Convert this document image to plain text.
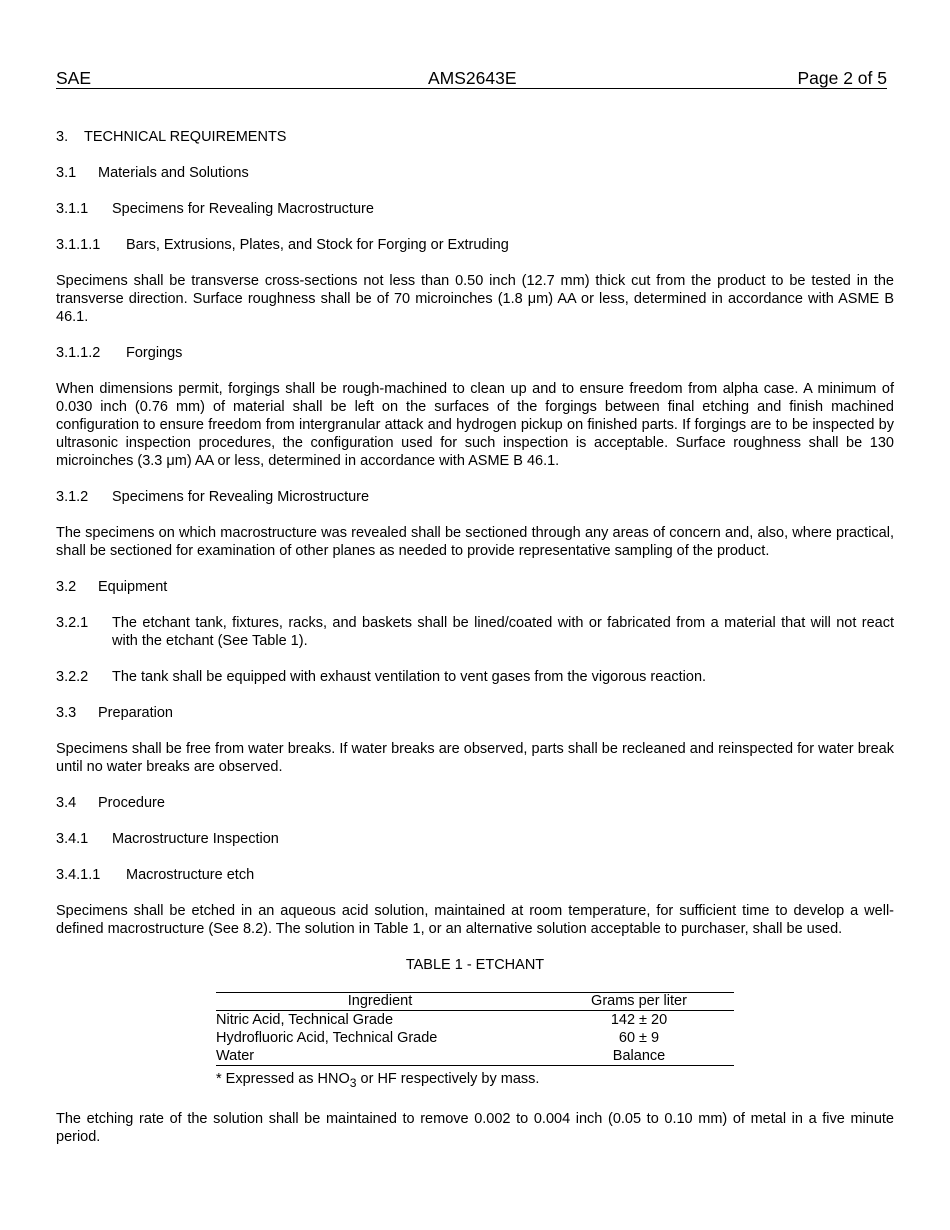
SAE	AMS2643E	Page 2 of 5
3. TECHNICAL REQUIREMENTS
3.1 Materials and Solutions
3.1.1 Specimens for Revealing Macrostructure
3.1.1.1 Bars, Extrusions, Plates, and Stock for Forging or Extruding
Specimens shall be transverse cross-sections not less than 0.50 inch (12.7 mm) thick cut from the product to be tested in the transverse direction. Surface roughness shall be of 70 microinches (1.8 μm) AA or less, determined in accordance with ASME B 46.1.
3.1.1.2 Forgings
When dimensions permit, forgings shall be rough-machined to clean up and to ensure freedom from alpha case. A minimum of 0.030 inch (0.76 mm) of material shall be left on the surfaces of the forgings between final etching and finish machined configuration to ensure freedom from intergranular attack and hydrogen pickup on finished parts. If forgings are to be inspected by ultrasonic inspection procedures, the configuration used for such inspection is acceptable. Surface roughness shall be 130 microinches (3.3 μm) AA or less, determined in accordance with ASME B 46.1.
3.1.2 Specimens for Revealing Microstructure
The specimens on which macrostructure was revealed shall be sectioned through any areas of concern and, also, where practical, shall be sectioned for examination of other planes as needed to provide representative sampling of the product.
3.2 Equipment
3.2.1	The etchant tank, fixtures, racks, and baskets shall be lined/coated with or fabricated from a material that will not react with the etchant (See Table 1).
3.2.2	The tank shall be equipped with exhaust ventilation to vent gases from the vigorous reaction.
3.3 Preparation
Specimens shall be free from water breaks. If water breaks are observed, parts shall be recleaned and reinspected for water break until no water breaks are observed.
3.4 Procedure
3.4.1 Macrostructure Inspection
3.4.1.1 Macrostructure etch
Specimens shall be etched in an aqueous acid solution, maintained at room temperature, for sufficient time to develop a well-defined macrostructure (See 8.2). The solution in Table 1, or an alternative solution acceptable to purchaser, shall be used.
TABLE 1 - ETCHANT
Ingredient	Grams per liter
Nitric Acid, Technical Grade	142 ± 20
Hydrofluoric Acid, Technical Grade	60 ± 9
Water	Balance
* Expressed as $HNO_3$ or HF respectively by mass.
The etching rate of the solution shall be maintained to remove 0.002 to 0.004 inch (0.05 to 0.10 mm) of metal in a five minute period.
